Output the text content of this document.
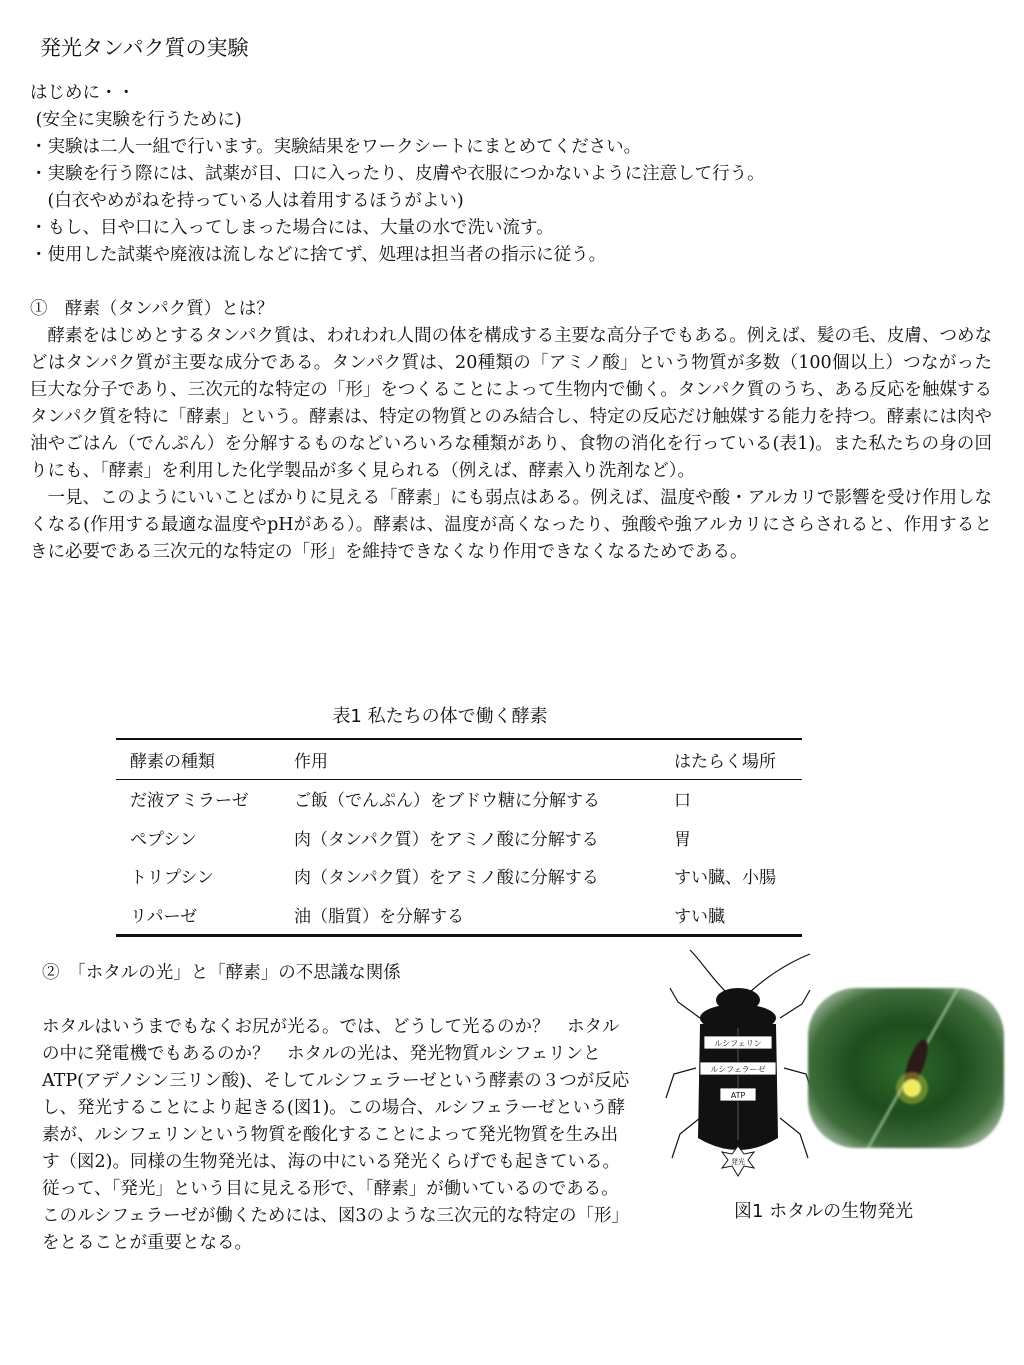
発光タンパク質の実験

はじめに・・

(安全に実験を行うために)

・実験は二人一組で行います。実験結果をワークシートにまとめてください。

・実験を行う際には、試薬が目、口に入ったり、皮膚や衣服につかないように注意して行う。

　(白衣やめがねを持っている人は着用するほうがよい)

・もし、目や口に入ってしまった場合には、大量の水で洗い流す。

・使用した試薬や廃液は流しなどに捨てず、処理は担当者の指示に従う。

①　酵素（タンパク質）とは？

　酵素をはじめとするタンパク質は、われわれ人間の体を構成する主要な高分子でもある。例えば、髪の毛、皮膚、つめなどはタンパク質が主要な成分である。タンパク質は、20種類の「アミノ酸」という物質が多数（100個以上）つながった巨大な分子であり、三次元的な特定の「形」をつくることによって生物内で働く。タンパク質のうち、ある反応を触媒するタンパク質を特に「酵素」という。酵素は、特定の物質とのみ結合し、特定の反応だけ触媒する能力を持つ。酵素には肉や油やごはん（でんぷん）を分解するものなどいろいろな種類があり、食物の消化を行っている(表1)。また私たちの身の回りにも、「酵素」を利用した化学製品が多く見られる（例えば、酵素入り洗剤など）。

　一見、このようにいいことばかりに見える「酵素」にも弱点はある。例えば、温度や酸・アルカリで影響を受け作用しなくなる(作用する最適な温度やpHがある）。酵素は、温度が高くなったり、強酸や強アルカリにさらされると、作用するときに必要である三次元的な特定の「形」を維持できなくなり作用できなくなるためである。

表1 私たちの体で働く酵素
酵素の種類	作用	はたらく場所
だ液アミラーゼ	ご飯（でんぷん）をブドウ糖に分解する	口
ペプシン	肉（タンパク質）をアミノ酸に分解する	胃
トリプシン	肉（タンパク質）をアミノ酸に分解する	すい臓、小腸
リパーゼ	油（脂質）を分解する	すい臓

②　「ホタルの光」と「酵素」の不思議な関係

ホタルはいうまでもなくお尻が光る。では、どうして光るのか？　ホタルの中に発電機でもあるのか？　ホタルの光は、発光物質ルシフェリンとATP(アデノシン三リン酸)、そしてルシフェラーゼという酵素の３つが反応し、発光することにより起きる(図1)。この場合、ルシフェラーゼという酵素が、ルシフェリンという物質を酸化することによって発光物質を生み出す（図2)。同様の生物発光は、海の中にいる発光くらげでも起きている。

従って、「発光」という目に見える形で、「酵素」が働いているのである。このルシフェラーゼが働くためには、図3のような三次元的な特定の「形」をとることが重要となる。

ルシフェリン
ルシフェラーゼ
ATP
発光
図1 ホタルの生物発光
